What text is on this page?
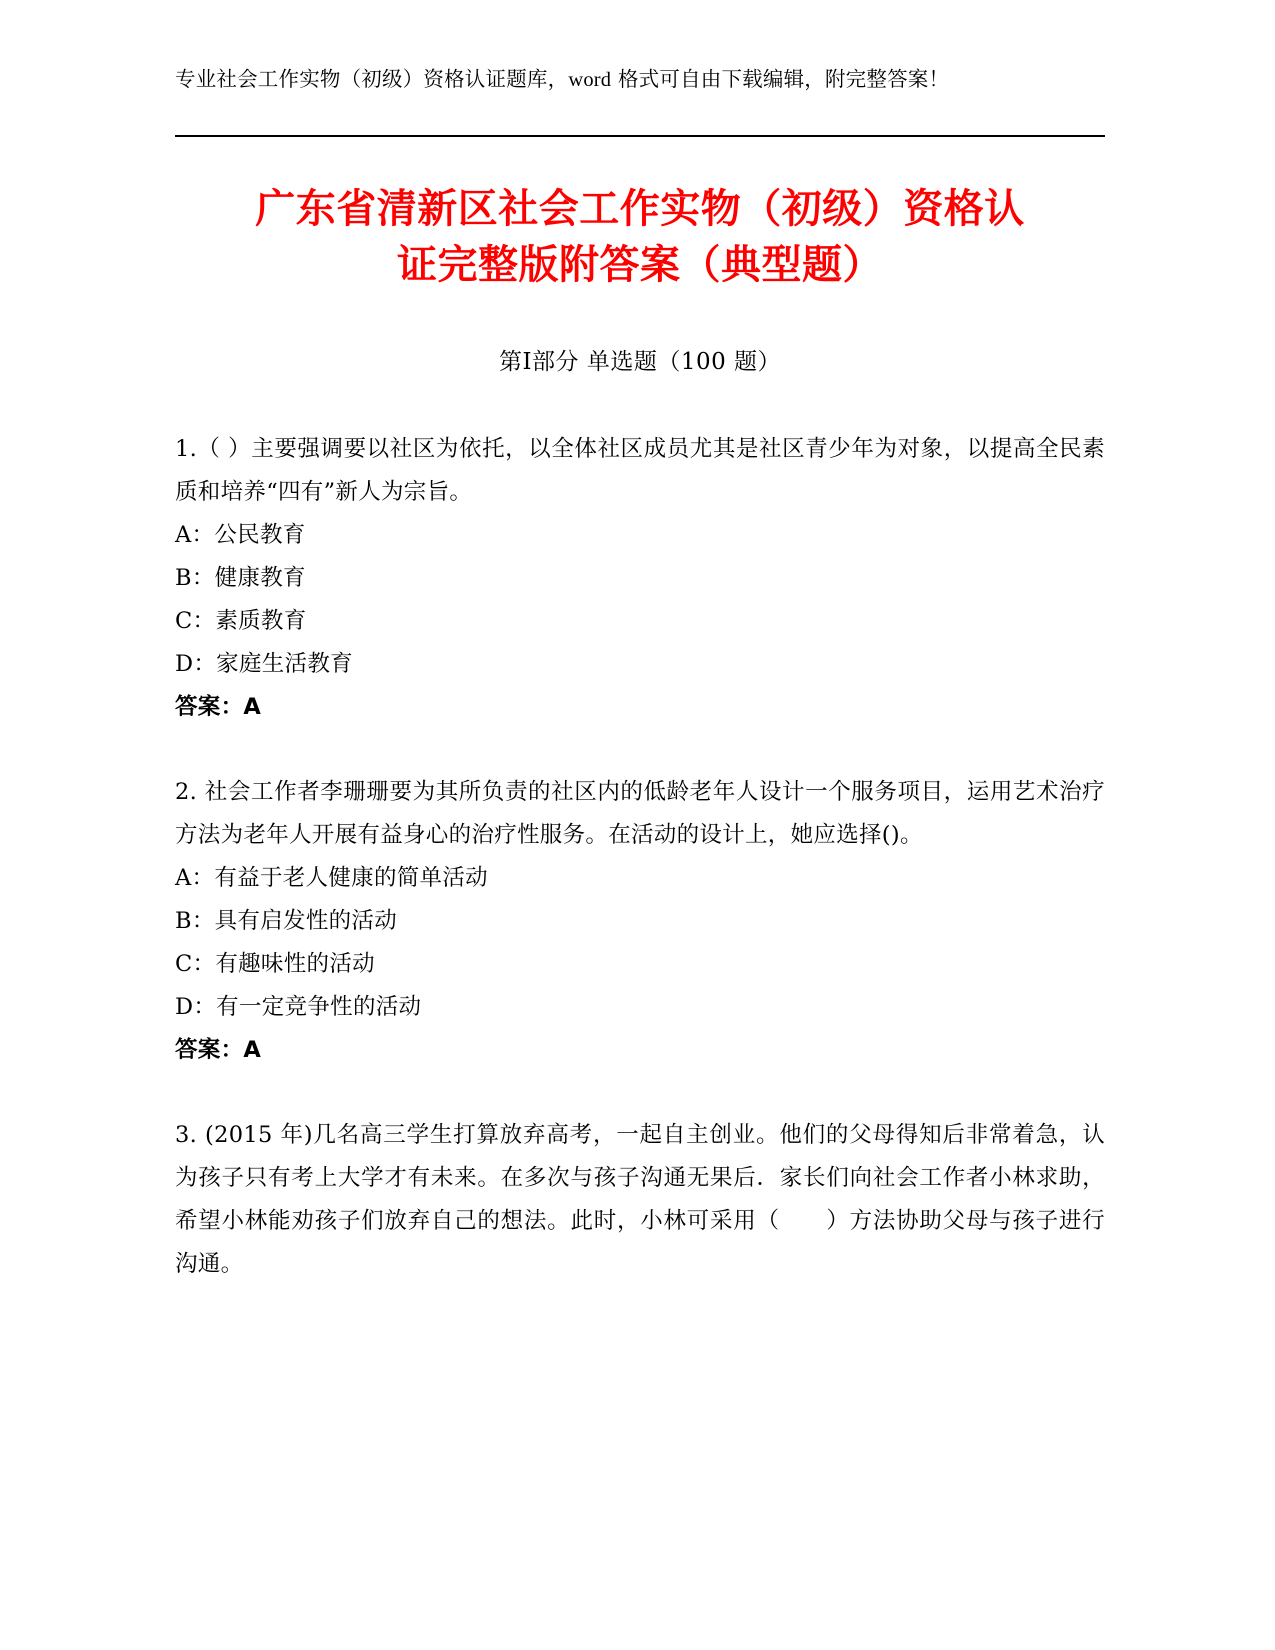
专业社会工作实物（初级）资格认证题库，word 格式可自由下载编辑，附完整答案！
广东省清新区社会工作实物（初级）资格认
证完整版附答案（典型题）
第Ⅰ部分 单选题（100 题）
1.（ ）主要强调要以社区为依托，以全体社区成员尤其是社区青少年为对象，以提高全民素质和培养“四有”新人为宗旨。
A：公民教育
B：健康教育
C：素质教育
D：家庭生活教育
答案：A
2. 社会工作者李珊珊要为其所负责的社区内的低龄老年人设计一个服务项目，运用艺术治疗方法为老年人开展有益身心的治疗性服务。在活动的设计上，她应选择()。
A：有益于老人健康的简单活动
B：具有启发性的活动
C：有趣味性的活动
D：有一定竞争性的活动
答案：A
3. (2015 年)几名高三学生打算放弃高考，一起自主创业。他们的父母得知后非常着急，认为孩子只有考上大学才有未来。在多次与孩子沟通无果后．家长们向社会工作者小林求助，希望小林能劝孩子们放弃自己的想法。此时，小林可采用（　　）方法协助父母与孩子进行沟通。
